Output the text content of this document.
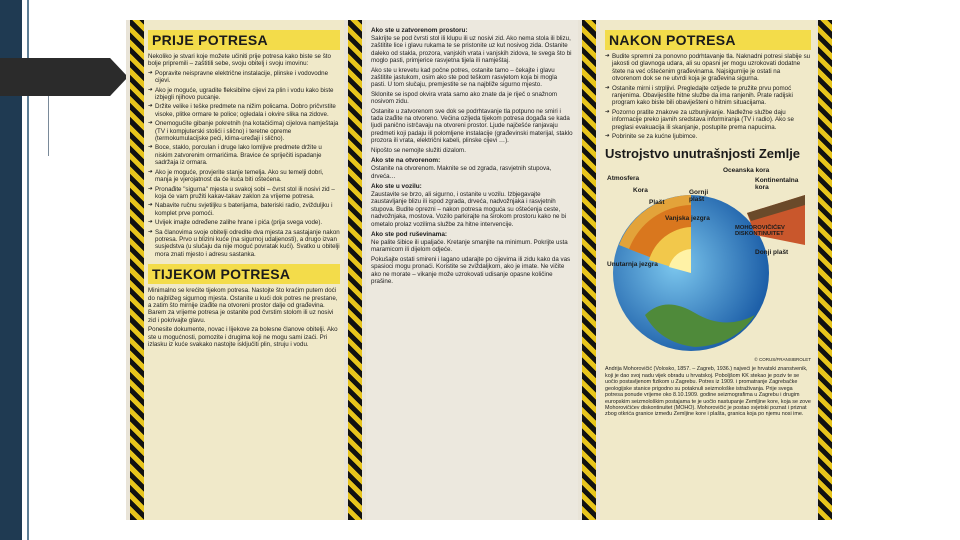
PRIJE POTRESA
Nekoliko je stvari koje možete učiniti prije potresa kako biste se što bolje pripremili – zaštitili sebe, svoju obitelj i svoju imovinu:
➔ Popravite neispravne električne instalacije, plinske i vodovodne cijevi.
➔ Ako je moguće, ugradite fleksibilne cijevi za plin i vodu kako biste izbjegli njihovo pucanje.
➔ Držite velike i teške predmete na nižim policama. Dobro pričvrstite visoke, plitke ormare te police; ogledala i okvire slika na zidove.
➔ Onemogućite gibanje pokretnih (na kotačićima) cijelova namještaja (TV i kompjuterski stolići i slično) i teretne opreme (termokumulacijske peći, klima-uređaji i slično).
➔ Boce, staklo, porculan i druge lako lomljive predmete držite u niskim zatvorenim ormarićima. Bravice će spriječiti ispadanje sadržaja iz ormara.
➔ Ako je moguće, provjerite stanje temelja. Ako su temelji dobri, manja je vjerojatnost da će kuća biti oštećena.
➔ Pronađite "sigurna" mjesta u svakoj sobi – čvrst stol ili nosivi zid – koja će vam pružiti kakav-takav zaklon za vrijeme potresa.
➔ Nabavite ručnu svjetiljku s baterijama, bateriski radio, zvižduljku i komplet prve pomoći.
➔ Uvijek imajte određene zalihe hrane i pića (prija svega vode).
➔ Sa članovima svoje obitelji odredite dva mjesta za sastajanje nakon potresa. Prvo u blizini kuće (na sigurnoj udaljenosti), a drugo izvan susjedstva (u slučaju da nije moguć povratak kući). Svatko u obitelji mora znati mjesto i adresu sastanka.
TIJEKOM POTRESA
Minimalno se krećite tijekom potresa. Nastojte što kraćim putem doći do najbližeg sigurnog mjesta. Ostanite u kući dok potres ne prestane, a zatim što mirnije izađite na otvoreni prostor dalje od građevina. Barem za vrijeme potresa je ostanite pod čvrstim stolom ili uz nosivi zid i pokrivajte glavu.
Ponesite dokumente, novac i lijekove za bolesne članove obitelji. Ako ste u mogućnosti, pomozite i drugima koji ne mogu sami izaći. Pri izlasku iz kuće svakako nastojte isključiti plin, struju i vodu.
Ako ste u zatvorenom prostoru:
Sakrijte se pod čvrsti stol ili klupu ili uz nosivi zid. Ako nema stola ili blizu, zaštitite lice i glavu rukama te se pristonite uz kut nosivog zida. Ostanite daleko od stakla, prozora, vanjskih vrata i vanjskih zidova, te svega što bi moglo pasti, primjerice rasvjetna tijela ili namještaj.
Ako ste u krevetu kad počne potres, ostanite tamo – čekajte i glavu zaštitite jastukom, osim ako ste pod teškom rasvjetom koja bi mogla pasti. U tom slučaju, premjestite se na najbliže sigurno mjesto.
Sklonite se ispod okvira vrata samo ako znate da je riječ o snažnom nosivom zidu.
Ostanite u zatvorenom sve dok se podrhtavanje tla potpuno ne smiri i tada izađite na otvoreno. Većina ozljeda tijekom potresa događa se kada ljudi panično istrčavaju na otvoreni prostor. Ljude najčešće ranjavaju predmeti koji padaju ili polomljene instalacije (građevinski materijal, staklo prozora ili vrata, električni kabeli, plinske cijevi …).
Nipošto se nemojte služiti dizalom.
Ako ste na otvorenom:
Ostanite na otvorenom. Maknite se od zgrada, rasvjetnih stupova, drveća…
Ako ste u vozilu:
Zaustavite se brzo, ali sigurno, i ostanite u vozilu. Izbjegavajte zaustavljanje blizu ili ispod zgrada, drveća, nadvožnjaka i rasvjetnih stupova. Budite oprezni – nakon potresa moguća su oštećenja ceste, nadvožnjaka, mostova. Vozilo parkirajte na širokom prostoru kako ne bi ometalo prolaz vozilima službe za hitne intervencije.
Ako ste pod ruševinama:
Ne palite šibice ili upaljače. Kretanje smanjite na minimum. Pokrijte usta maramicom ili dijelom odjeće.
Pokušajte ostati smireni i lagano udarajte po cijevima ili zidu kako da vas spasioci mogu pronaći. Koristite se zviždaljkom, ako je imate. Ne vičite ako ne morate – vikanje može uzrokovati udisanje opasne količine prašine.
NAKON POTRESA
➔ Budite spremni za ponovno podrhtavanje tla. Naknadni potresi slabije su jakosti od glavnoga udara, ali su opasni jer mogu uzrokovati dodatne štete na već oštećenim građevinama. Najsigurnije je ostati na otvorenom dok se ne utvrdi koja je građevina sigurna.
➔ Ostanite mirni i strpljivi. Pregledajte ozljede te pružite prvu pomoć ranjenima. Obavijestite hitne službe da ima ranjenih. Prate radijski program kako biste bili obaviješteni o hitnim situacijama.
➔ Pozorno pratite znakove za uzbunjivanje. Nadležne službe daju informacije preko javnih sredstava informiranja (TV i radio). Ako se preglasi evakuacija ili skanjanje, postupite prema napucima.
➔ Pobrinite se za kućne ljubimce.
Ustrojstvo unutrašnjosti Zemlje
Oceanska kora
Atmosfera
Kora
Kontinentalna kora
Gornji plašt
Plašt
Vanjska jezgra
MOHOROVIČIĆEV DISKONTINUITET
Donji plašt
Unutarnja jezgra
© CORUS/FRANSIBROLET
Andrija Mohorovičić (Volosko, 1857. – Zagreb, 1936.) najveći je hrvatski znanstvenik, koji je dao svoj nadu vijek obradu u hrvatskoj. Poboljšom KK stekao je poziv te se uočio postavljenom fizikom u Zagrebu. Potres iz 1909. i promatranje Zagrebačke geologijske stanice prigodno su potaknuli seizmološke istraživanja. Prije svega potresa ponude vrijeme oko 8.10.1909. godine seizmografima u Zagrebu i drugim europskim seizmološkim postajama te je uočio nastupanje Zemljine kore, koja se zove Mohorovičićev diskontinuitet (MOHO). Mohorovičić je postao svjetski poznat i priznat zbog otkrića granice između Zemljine kore i plašta, granica koja po njemu nosi ime.
